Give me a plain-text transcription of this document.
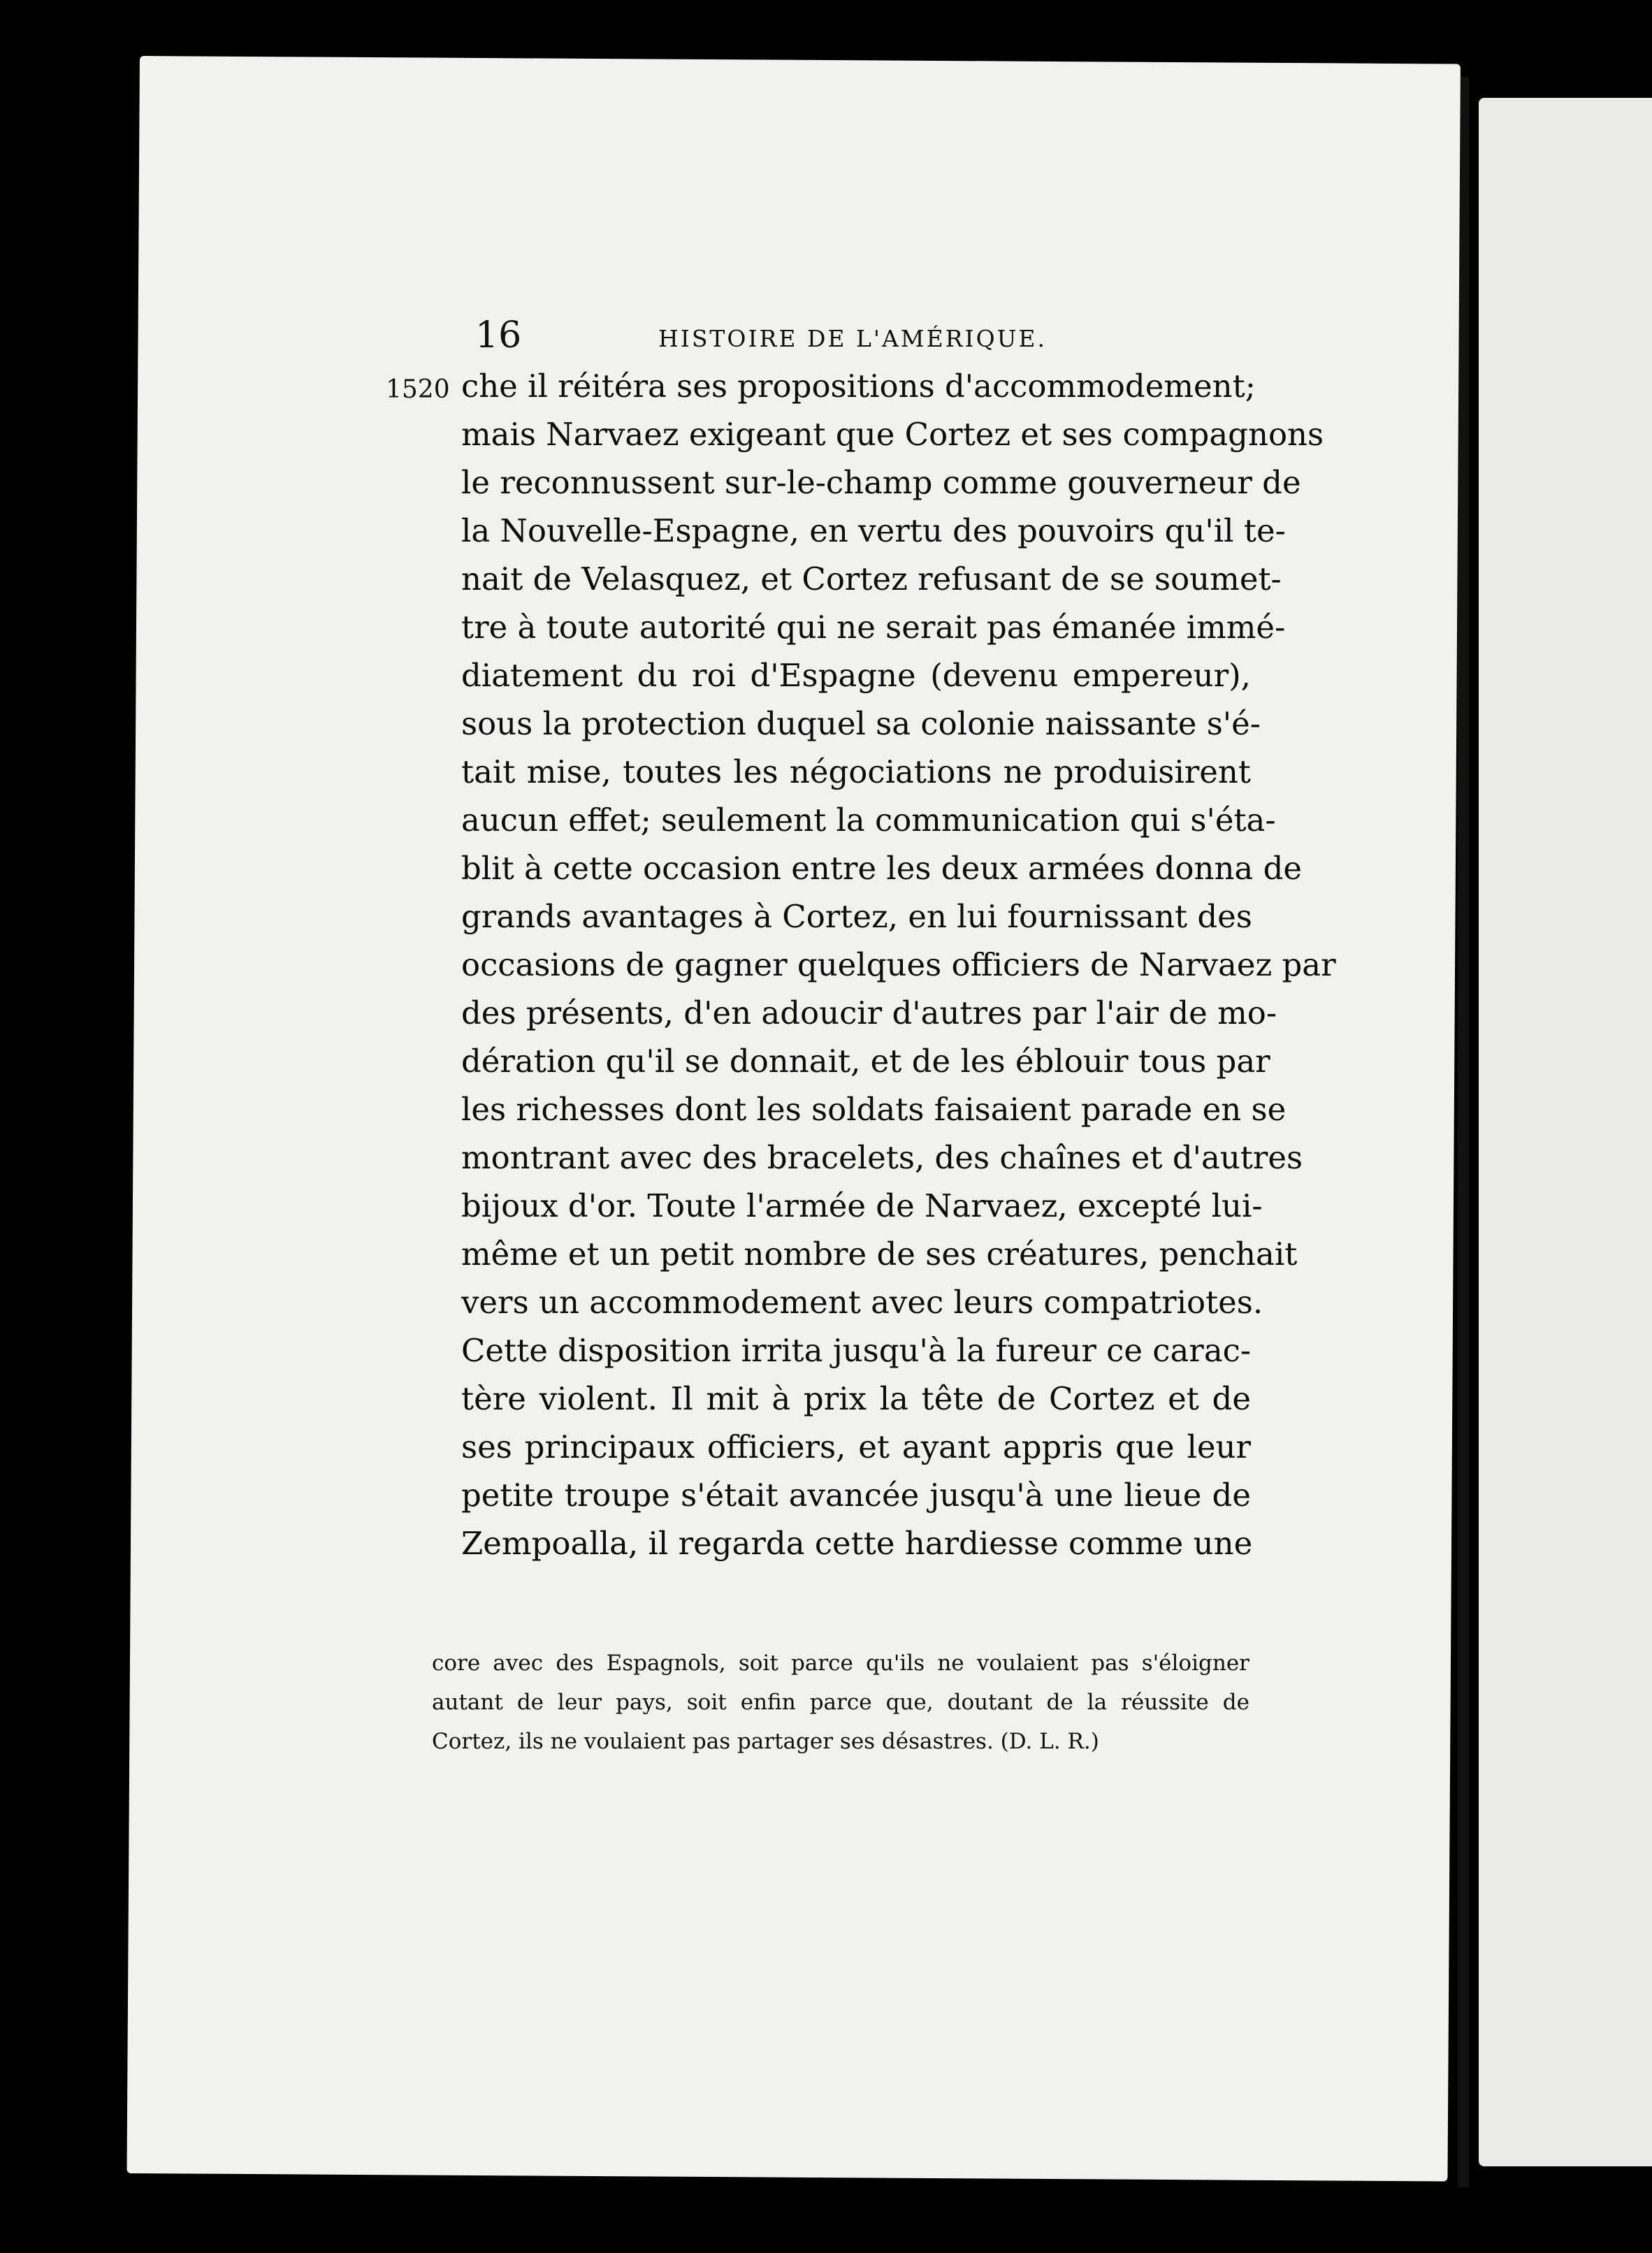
16	HISTOIRE DE L'AMÉRIQUE.
1520 che il réitéra ses propositions d'accommodement;
mais Narvaez exigeant que Cortez et ses compagnons
le reconnussent sur-le-champ comme gouverneur de
la Nouvelle-Espagne, en vertu des pouvoirs qu'il te-
nait de Velasquez, et Cortez refusant de se soumet-
tre à toute autorité qui ne serait pas émanée immé-
diatement du roi d'Espagne (devenu empereur),
sous la protection duquel sa colonie naissante s'é-
tait mise, toutes les négociations ne produisirent
aucun effet; seulement la communication qui s'éta-
blit à cette occasion entre les deux armées donna de
grands avantages à Cortez, en lui fournissant des
occasions de gagner quelques officiers de Narvaez par
des présents, d'en adoucir d'autres par l'air de mo-
dération qu'il se donnait, et de les éblouir tous par
les richesses dont les soldats faisaient parade en se
montrant avec des bracelets, des chaînes et d'autres
bijoux d'or. Toute l'armée de Narvaez, excepté lui-
même et un petit nombre de ses créatures, penchait
vers un accommodement avec leurs compatriotes.
Cette disposition irrita jusqu'à la fureur ce carac-
tère violent. Il mit à prix la tête de Cortez et de
ses principaux officiers, et ayant appris que leur
petite troupe s'était avancée jusqu'à une lieue de
Zempoalla, il regarda cette hardiesse comme une
core avec des Espagnols, soit parce qu'ils ne voulaient pas s'éloigner
autant de leur pays, soit enfin parce que, doutant de la réussite de
Cortez, ils ne voulaient pas partager ses désastres. (D. L. R.)
